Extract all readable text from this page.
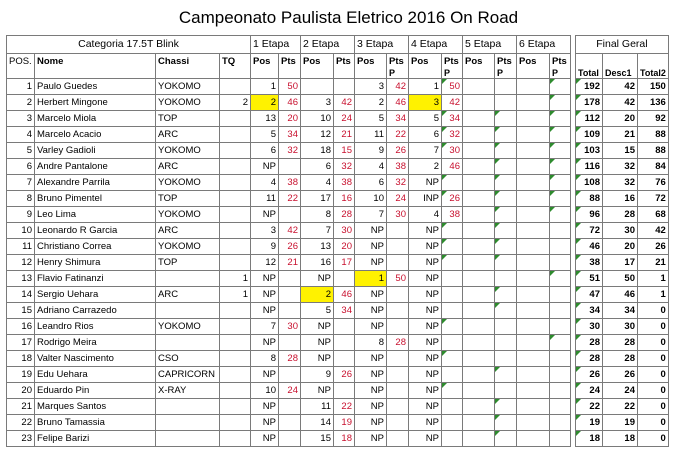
Campeonato Paulista Eletrico 2016 On Road
Categoria 17.5T Blink				1 Etapa		2 Etapa		3 Etapa		4 Etapa		5 Etapa		6 Etapa			Final Geral		
POS.	Nome	Chassi	TQ	Pos	Pts	Pos	Pts	Pos	Pts	Pos	Pts	Pos	Pts	Pos	Pts				
									P		P		P		P		Total	Desc1	Total2
1	Paulo Guedes	YOKOMO		1	50			3	42	1	50						192	42	150
2	Herbert Mingone	YOKOMO	2	2	46	3	42	2	46	3	42						178	42	136
3	Marcelo Miola	TOP		13	20	10	24	5	34	5	34						112	20	92
4	Marcelo Acacio	ARC		5	34	12	21	11	22	6	32						109	21	88
5	Varley Gadioli	YOKOMO		6	32	18	15	9	26	7	30						103	15	88
6	Andre Pantalone	ARC		NP		6	32	4	38	2	46						116	32	84
7	Alexandre Parrila	YOKOMO		4	38	4	38	6	32	NP							108	32	76
8	Bruno Pimentel	TOP		11	22	17	16	10	24	INP	26						88	16	72
9	Leo Lima	YOKOMO		NP		8	28	7	30	4	38						96	28	68
10	Leonardo R Garcia	ARC		3	42	7	30	NP		NP							72	30	42
11	Christiano Correa	YOKOMO		9	26	13	20	NP		NP							46	20	26
12	Henry Shimura	TOP		12	21	16	17	NP		NP							38	17	21
13	Flavio Fatinanzi		1	NP		NP		1	50	NP							51	50	1
14	Sergio Uehara	ARC	1	NP		2	46	NP		NP							47	46	1
15	Adriano Carrazedo			NP		5	34	NP		NP							34	34	0
16	Leandro Rios	YOKOMO		7	30	NP		NP		NP							30	30	0
17	Rodrigo Meira			NP		NP		8	28	NP							28	28	0
18	Valter Nascimento	CSO		8	28	NP		NP		NP							28	28	0
19	Edu Uehara	CAPRICORN		NP		9	26	NP		NP							26	26	0
20	Eduardo Pin	X-RAY		10	24	NP		NP		NP							24	24	0
21	Marques Santos			NP		11	22	NP		NP							22	22	0
22	Bruno Tamassia			NP		14	19	NP		NP							19	19	0
23	Felipe Barizi			NP		15	18	NP		NP							18	18	0
